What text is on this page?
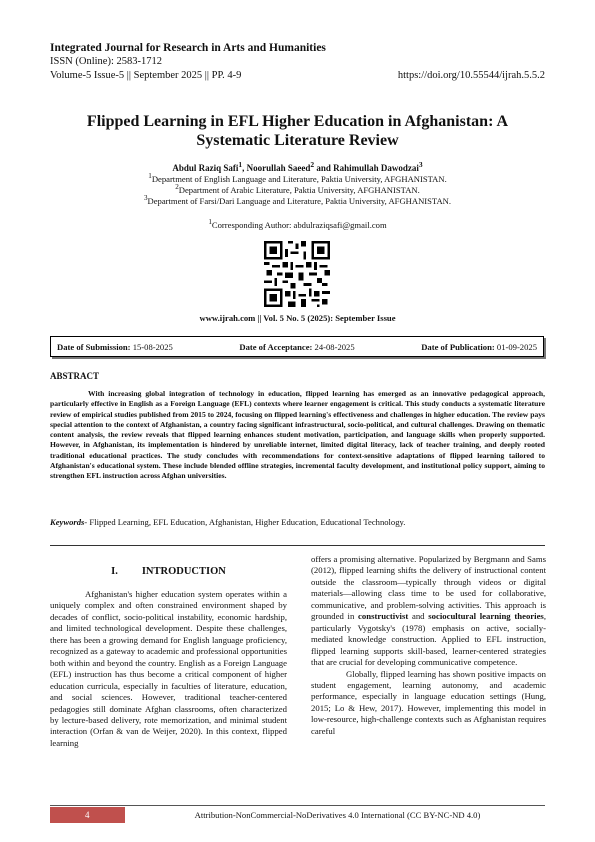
Integrated Journal for Research in Arts and Humanities
ISSN (Online): 2583-1712
Volume-5 Issue-5 || September 2025 || PP. 4-9	https://doi.org/10.55544/ijrah.5.5.2
Flipped Learning in EFL Higher Education in Afghanistan: A Systematic Literature Review
Abdul Raziq Safi$^1$, Noorullah Saeed$^2$ and Rahimullah Dawodzai$^3$
$^1$Department of English Language and Literature, Paktia University, AFGHANISTAN.
$^2$Department of Arabic Literature, Paktia University, AFGHANISTAN.
$^3$Department of Farsi/Dari Language and Literature, Paktia University, AFGHANISTAN.
$^1$Corresponding Author: abdulraziqsafi@gmail.com
www.ijrah.com || Vol. 5 No. 5 (2025): September Issue
Date of Submission: 15-08-2025	Date of Acceptance: 24-08-2025	Date of Publication: 01-09-2025
ABSTRACT
With increasing global integration of technology in education, flipped learning has emerged as an innovative pedagogical approach, particularly effective in English as a Foreign Language (EFL) contexts where learner engagement is critical. This study conducts a systematic literature review of empirical studies published from 2015 to 2024, focusing on flipped learning's effectiveness and challenges in higher education. The review pays special attention to the context of Afghanistan, a country facing significant infrastructural, socio-political, and cultural challenges. Drawing on thematic content analysis, the review reveals that flipped learning enhances student motivation, participation, and language skills when properly supported. However, in Afghanistan, its implementation is hindered by unreliable internet, limited digital literacy, lack of teacher training, and deeply rooted traditional educational practices. The study concludes with recommendations for context-sensitive adaptations of flipped learning tailored to Afghanistan's educational system. These include blended offline strategies, incremental faculty development, and institutional policy support, aiming to strengthen EFL instruction across Afghan universities.
Keywords- Flipped Learning, EFL Education, Afghanistan, Higher Education, Educational Technology.
I. INTRODUCTION
Afghanistan's higher education system operates within a uniquely complex and often constrained environment shaped by decades of conflict, socio-political instability, economic hardship, and limited technological development. Despite these challenges, there has been a growing demand for English language proficiency, recognized as a gateway to academic and professional opportunities both within and beyond the country. English as a Foreign Language (EFL) instruction has thus become a critical component of higher education curricula, especially in faculties of literature, education, and social sciences. However, traditional teacher-centered pedagogies still dominate Afghan classrooms, often characterized by lecture-based delivery, rote memorization, and minimal student interaction (Orfan & van de Weijer, 2020). In this context, flipped learning

offers a promising alternative. Popularized by Bergmann and Sams (2012), flipped learning shifts the delivery of instructional content outside the classroom—typically through videos or digital materials—allowing class time to be used for collaborative, communicative, and problem-solving activities. This approach is grounded in constructivist and sociocultural learning theories, particularly Vygotsky's (1978) emphasis on active, socially-mediated knowledge construction. Applied to EFL instruction, flipped learning supports skill-based, learner-centered strategies that are crucial for developing communicative competence.

Globally, flipped learning has shown positive impacts on student engagement, learning autonomy, and academic performance, especially in language education settings (Hung, 2015; Lo & Hew, 2017). However, implementing this model in low-resource, high-challenge contexts such as Afghanistan requires careful

4	Attribution-NonCommercial-NoDerivatives 4.0 International (CC BY-NC-ND 4.0)
